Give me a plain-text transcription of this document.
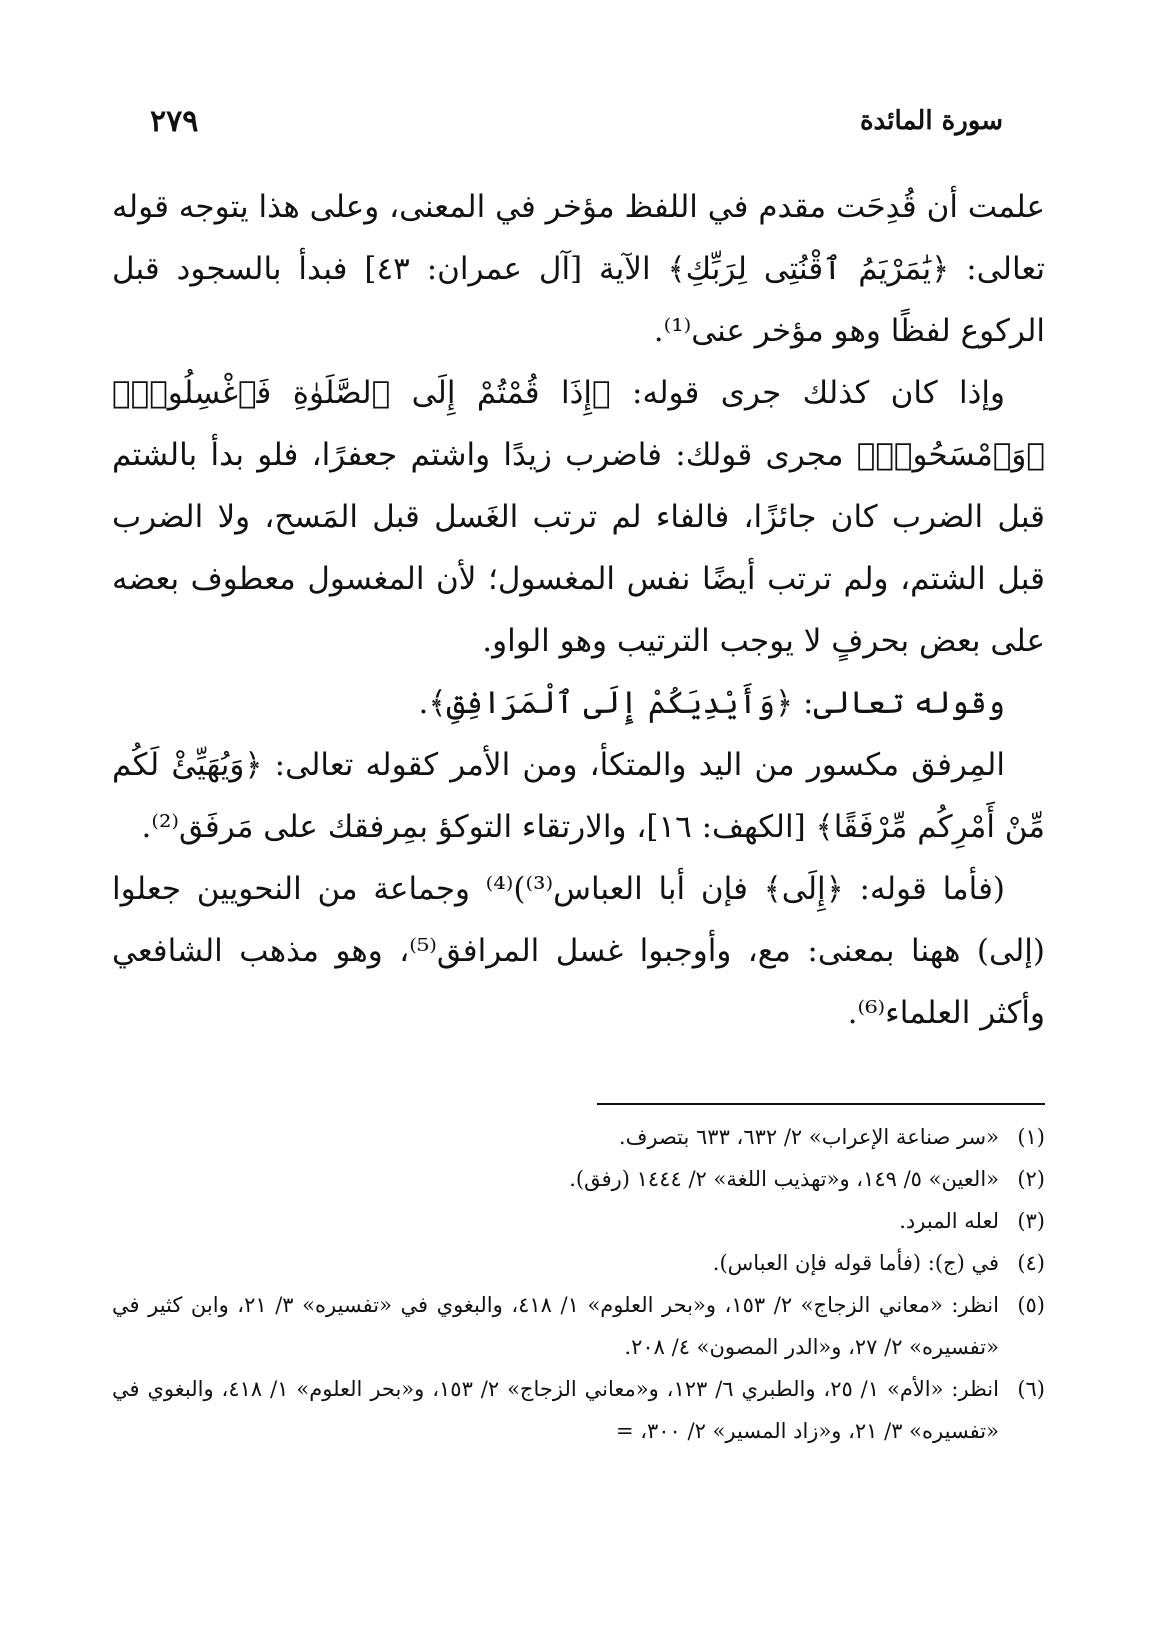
سورة المائدة
٢٧٩

علمت أن قُدِحَت مقدم في اللفظ مؤخر في المعنى، وعلى هذا يتوجه قوله تعالى: ﴿يَٰمَرْيَمُ ٱقْنُتِى لِرَبِّكِ﴾ الآية [آل عمران: ٤٣] فبدأ بالسجود قبل الركوع لفظًا وهو مؤخر عنى⁽¹⁾.

وإذا كان كذلك جرى قوله: ﴿إِذَا قُمْتُمْ إِلَى ٱلصَّلَوٰةِ فَٱغْسِلُوا۟﴾ ﴿وَٱمْسَحُوا۟﴾ مجرى قولك: فاضرب زيدًا واشتم جعفرًا، فلو بدأ بالشتم قبل الضرب كان جائزًا، فالفاء لم ترتب الغَسل قبل المَسح، ولا الضرب قبل الشتم، ولم ترتب أيضًا نفس المغسول؛ لأن المغسول معطوف بعضه على بعض بحرفٍ لا يوجب الترتيب وهو الواو.

وقوله تعالى: ﴿وَأَيْدِيَكُمْ إِلَى ٱلْمَرَافِقِ﴾.

المِرفق مكسور من اليد والمتكأ، ومن الأمر كقوله تعالى: ﴿وَيُهَيِّئْ لَكُم مِّنْ أَمْرِكُم مِّرْفَقًا﴾ [الكهف: ١٦]، والارتقاء التوكؤ بمِرفقك على مَرفَق⁽²⁾.

(فأما قوله: ﴿إِلَى﴾ فإن أبا العباس⁽³⁾)⁽⁴⁾ وجماعة من النحويين جعلوا (إلى) ههنا بمعنى: مع، وأوجبوا غسل المرافق⁽⁵⁾، وهو مذهب الشافعي وأكثر العلماء⁽⁶⁾.

(١)
«سر صناعة الإعراب» ٢/ ٦٣٢، ٦٣٣ بتصرف.
(٢)
«العين» ٥/ ١٤٩، و«تهذيب اللغة» ٢/ ١٤٤٤ (رفق).
(٣)
لعله المبرد.
(٤)
في (ج): (فأما قوله فإن العباس).
(٥)
انظر: «معاني الزجاج» ٢/ ١٥٣، و«بحر العلوم» ١/ ٤١٨، والبغوي في «تفسيره» ٣/ ٢١، وابن كثير في «تفسيره» ٢/ ٢٧، و«الدر المصون» ٤/ ٢٠٨.
(٦)
انظر: «الأم» ١/ ٢٥، والطبري ٦/ ١٢٣، و«معاني الزجاج» ٢/ ١٥٣، و«بحر العلوم» ١/ ٤١٨، والبغوي في «تفسيره» ٣/ ٢١، و«زاد المسير» ٢/ ٣٠٠، =
